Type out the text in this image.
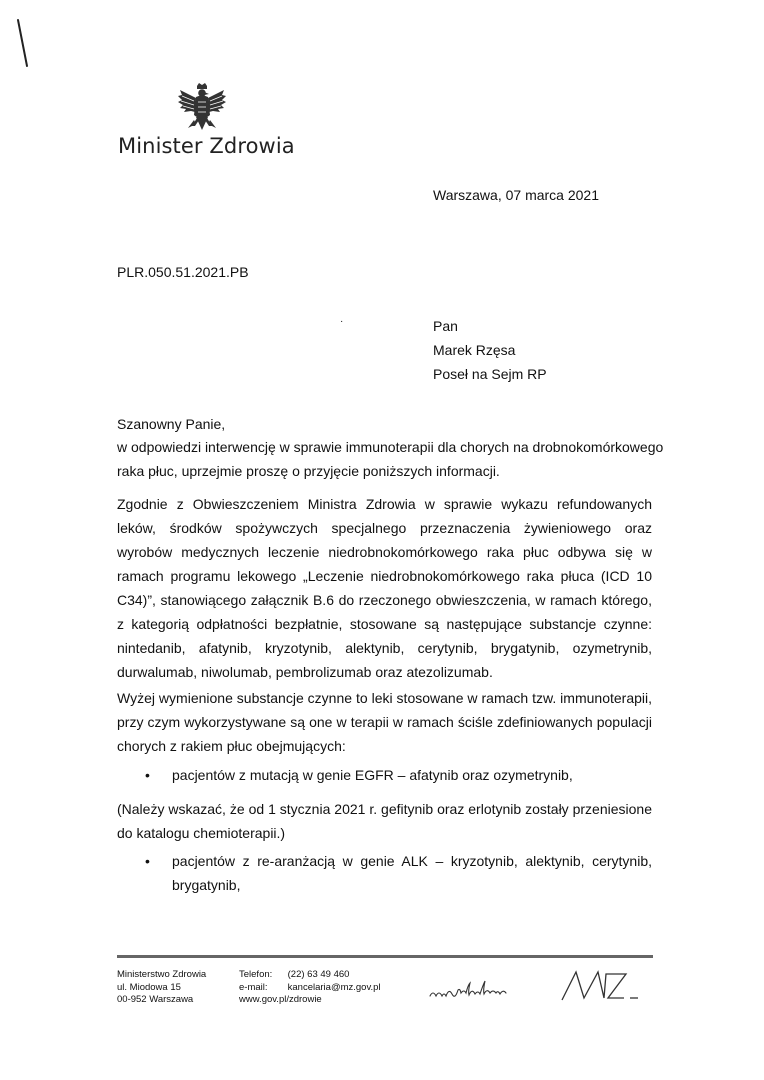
Minister Zdrowia
Warszawa, 07 marca 2021
PLR.050.51.2021.PB
·	Pan
Marek Rzęsa
Poseł na Sejm RP
Szanowny Panie,
w odpowiedzi interwencję w sprawie immunoterapii dla chorych na drobnokomórkowego
raka płuc, uprzejmie proszę o przyjęcie poniższych informacji.

Zgodnie z Obwieszczeniem Ministra Zdrowia w sprawie wykazu refundowanych leków, środków spożywczych specjalnego przeznaczenia żywieniowego oraz wyrobów medycznych leczenie niedrobnokomórkowego raka płuc odbywa się w ramach programu lekowego „Leczenie niedrobnokomórkowego raka płuca (ICD 10 C34)”, stanowiącego załącznik B.6 do rzeczonego obwieszczenia, w ramach którego, z kategorią odpłatności bezpłatnie, stosowane są następujące substancje czynne: nintedanib, afatynib, kryzotynib, alektynib, cerytynib, brygatynib, ozymetrynib, durwalumab, niwolumab, pembrolizumab oraz atezolizumab.

Wyżej wymienione substancje czynne to leki stosowane w ramach tzw. immunoterapii, przy czym wykorzystywane są one w terapii w ramach ściśle zdefiniowanych populacji chorych z rakiem płuc obejmujących:

• pacjentów z mutacją w genie EGFR – afatynib oraz ozymetrynib,

(Należy wskazać, że od 1 stycznia 2021 r. gefitynib oraz erlotynib zostały przeniesione do katalogu chemioterapii.)

• pacjentów z re-aranżacją w genie ALK – kryzotynib, alektynib, cerytynib, brygatynib,

Ministerstwo Zdrowia
ul. Miodowa 15
00-952 Warszawa
Telefon: (22) 63 49 460
e-mail: kancelaria@mz.gov.pl
www.gov.pl/zdrowie
